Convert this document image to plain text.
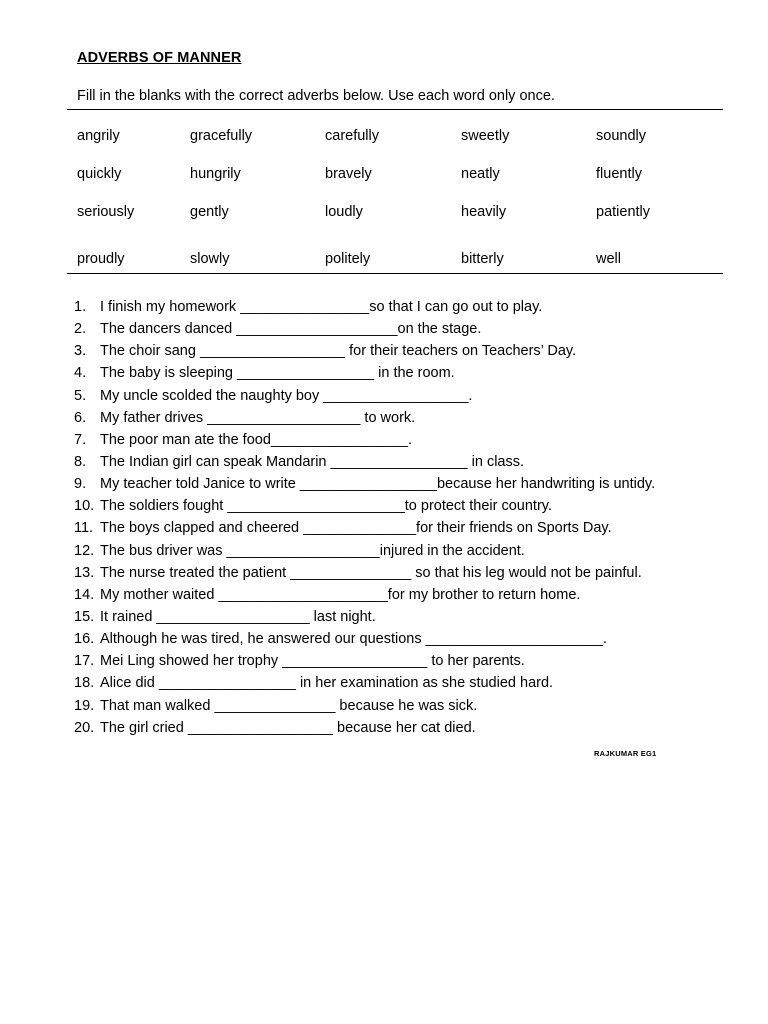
ADVERBS OF MANNER
Fill in the blanks with the correct adverbs below. Use each word only once.
angrily	gracefully	carefully	sweetly	soundly
quickly	hungrily	bravely	neatly	fluently
seriously	gently	loudly	heavily	patiently
proudly	slowly	politely	bitterly	well
1. I finish my homework ________________so that I can go out to play.
2. The dancers danced ____________________on the stage.
3. The choir sang __________________ for their teachers on Teachers’ Day.
4. The baby is sleeping _________________ in the room.
5. My uncle scolded the naughty boy __________________.
6. My father drives ___________________ to work.
7. The poor man ate the food_________________.
8. The Indian girl can speak Mandarin _________________ in class.
9. My teacher told Janice to write _________________because her handwriting is untidy.
10. The soldiers fought ______________________to protect their country.
11. The boys clapped and cheered ______________for their friends on Sports Day.
12. The bus driver was ___________________injured in the accident.
13. The nurse treated the patient _______________ so that his leg would not be painful.
14. My mother waited _____________________for my brother to return home.
15. It rained ___________________ last night.
16. Although he was tired, he answered our questions ______________________.
17. Mei Ling showed her trophy __________________ to her parents.
18. Alice did _________________ in her examination as she studied hard.
19. That man walked _______________ because he was sick.
20. The girl cried __________________ because her cat died.
RAJKUMAR EG1
